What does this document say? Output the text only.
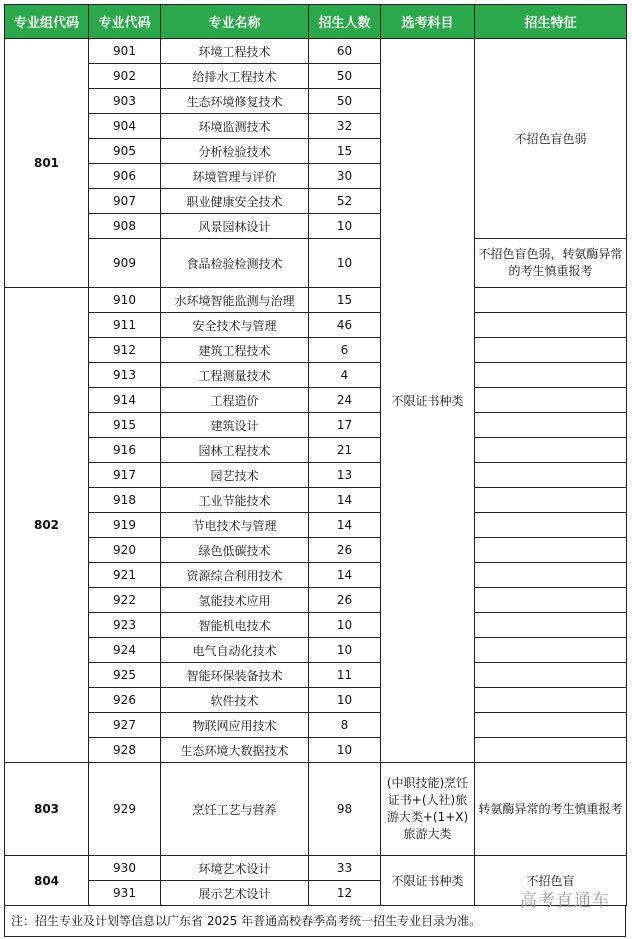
专业组代码	专业代码	专业名称	招生人数	选考科目	招生特征
801	901	环境工程技术	60	不限证书种类	不招色盲色弱
	902	给排水工程技术	50		
	903	生态环境修复技术	50		
	904	环境监测技术	32		
	905	分析检验技术	15		
	906	环境管理与评价	30		
	907	职业健康安全技术	52		
	908	风景园林设计	10		
	909	食品检验检测技术	10		不招色盲色弱，转氨酶异常的考生慎重报考
802	910	水环境智能监测与治理	15		
	911	安全技术与管理	46		
	912	建筑工程技术	6		
	913	工程测量技术	4		
	914	工程造价	24		
	915	建筑设计	17		
	916	园林工程技术	21		
	917	园艺技术	13		
	918	工业节能技术	14		
	919	节电技术与管理	14		
	920	绿色低碳技术	26		
	921	资源综合利用技术	14		
	922	氢能技术应用	26		
	923	智能机电技术	10		
	924	电气自动化技术	10		
	925	智能环保装备技术	11		
	926	软件技术	10		
	927	物联网应用技术	8		
	928	生态环境大数据技术	10		
803	929	烹饪工艺与营养	98	(中职技能)烹饪证书+(人社)旅游大类+(1+X)旅游大类	转氨酶异常的考生慎重报考
804	930	环境艺术设计	33	不限证书种类	不招色盲
	931	展示艺术设计	12		
注：招生专业及计划等信息以广东省 2025 年普通高校春季高考统一招生专业目录为准。
高考直通车
